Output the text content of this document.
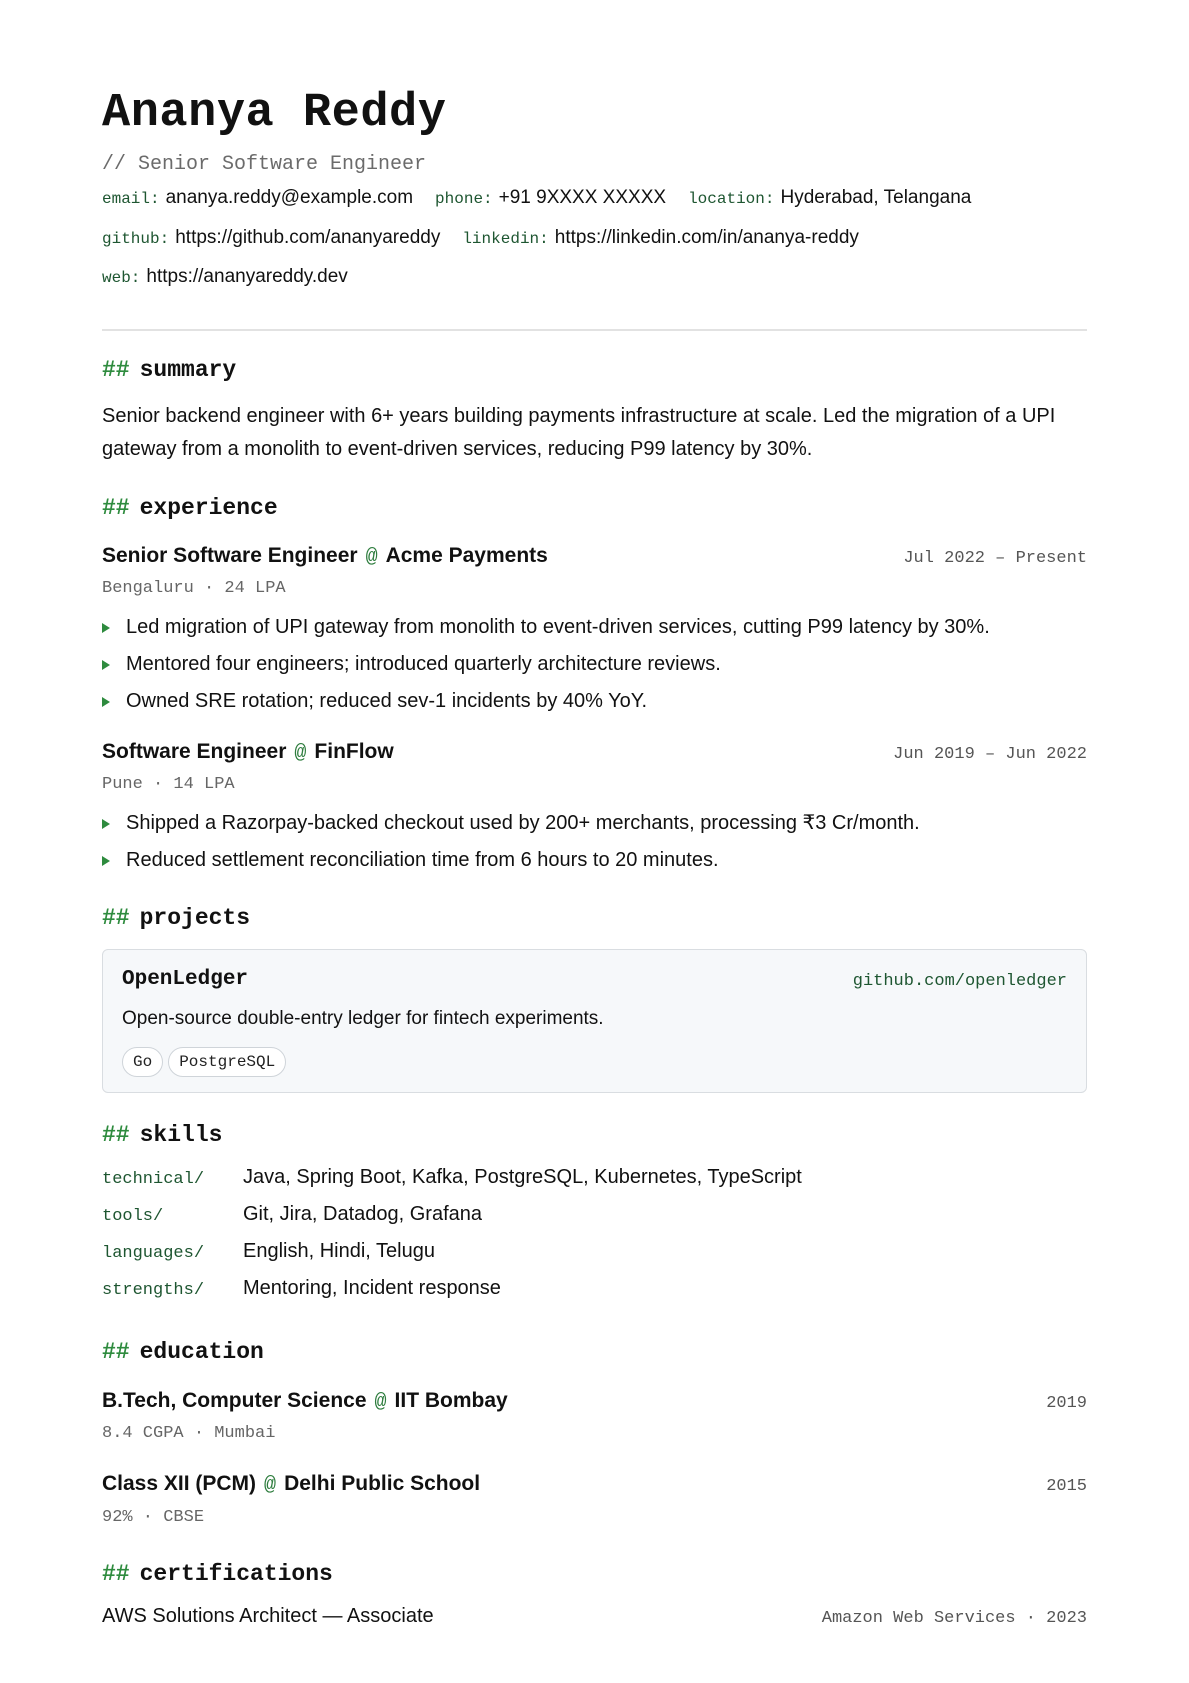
Ananya Reddy
// Senior Software Engineer
email: ananya.reddy@example.com phone: +91 9XXXX XXXXX location: Hyderabad, Telangana
github: https://github.com/ananyareddy linkedin: https://linkedin.com/in/ananya-reddy
web: https://ananyareddy.dev
## summary

Senior backend engineer with 6+ years building payments infrastructure at scale. Led the migration of a UPI gateway from a monolith to event-driven services, reducing P99 latency by 30%.

## experience
Senior Software Engineer @ Acme Payments	Jul 2022 – Present
Bengaluru · 24 LPA
Led migration of UPI gateway from monolith to event-driven services, cutting P99 latency by 30%.
Mentored four engineers; introduced quarterly architecture reviews.
Owned SRE rotation; reduced sev-1 incidents by 40% YoY.
Software Engineer @ FinFlow	Jun 2019 – Jun 2022
Pune · 14 LPA
Shipped a Razorpay-backed checkout used by 200+ merchants, processing ₹3 Cr/month.
Reduced settlement reconciliation time from 6 hours to 20 minutes.
## projects
OpenLedger	github.com/openledger
Open-source double-entry ledger for fintech experiments.
Go	PostgreSQL
## skills
technical/	Java, Spring Boot, Kafka, PostgreSQL, Kubernetes, TypeScript
tools/	Git, Jira, Datadog, Grafana
languages/	English, Hindi, Telugu
strengths/	Mentoring, Incident response
## education
B.Tech, Computer Science @ IIT Bombay	2019
8.4 CGPA · Mumbai
Class XII (PCM) @ Delhi Public School	2015
92% · CBSE
## certifications
AWS Solutions Architect — Associate	Amazon Web Services · 2023
